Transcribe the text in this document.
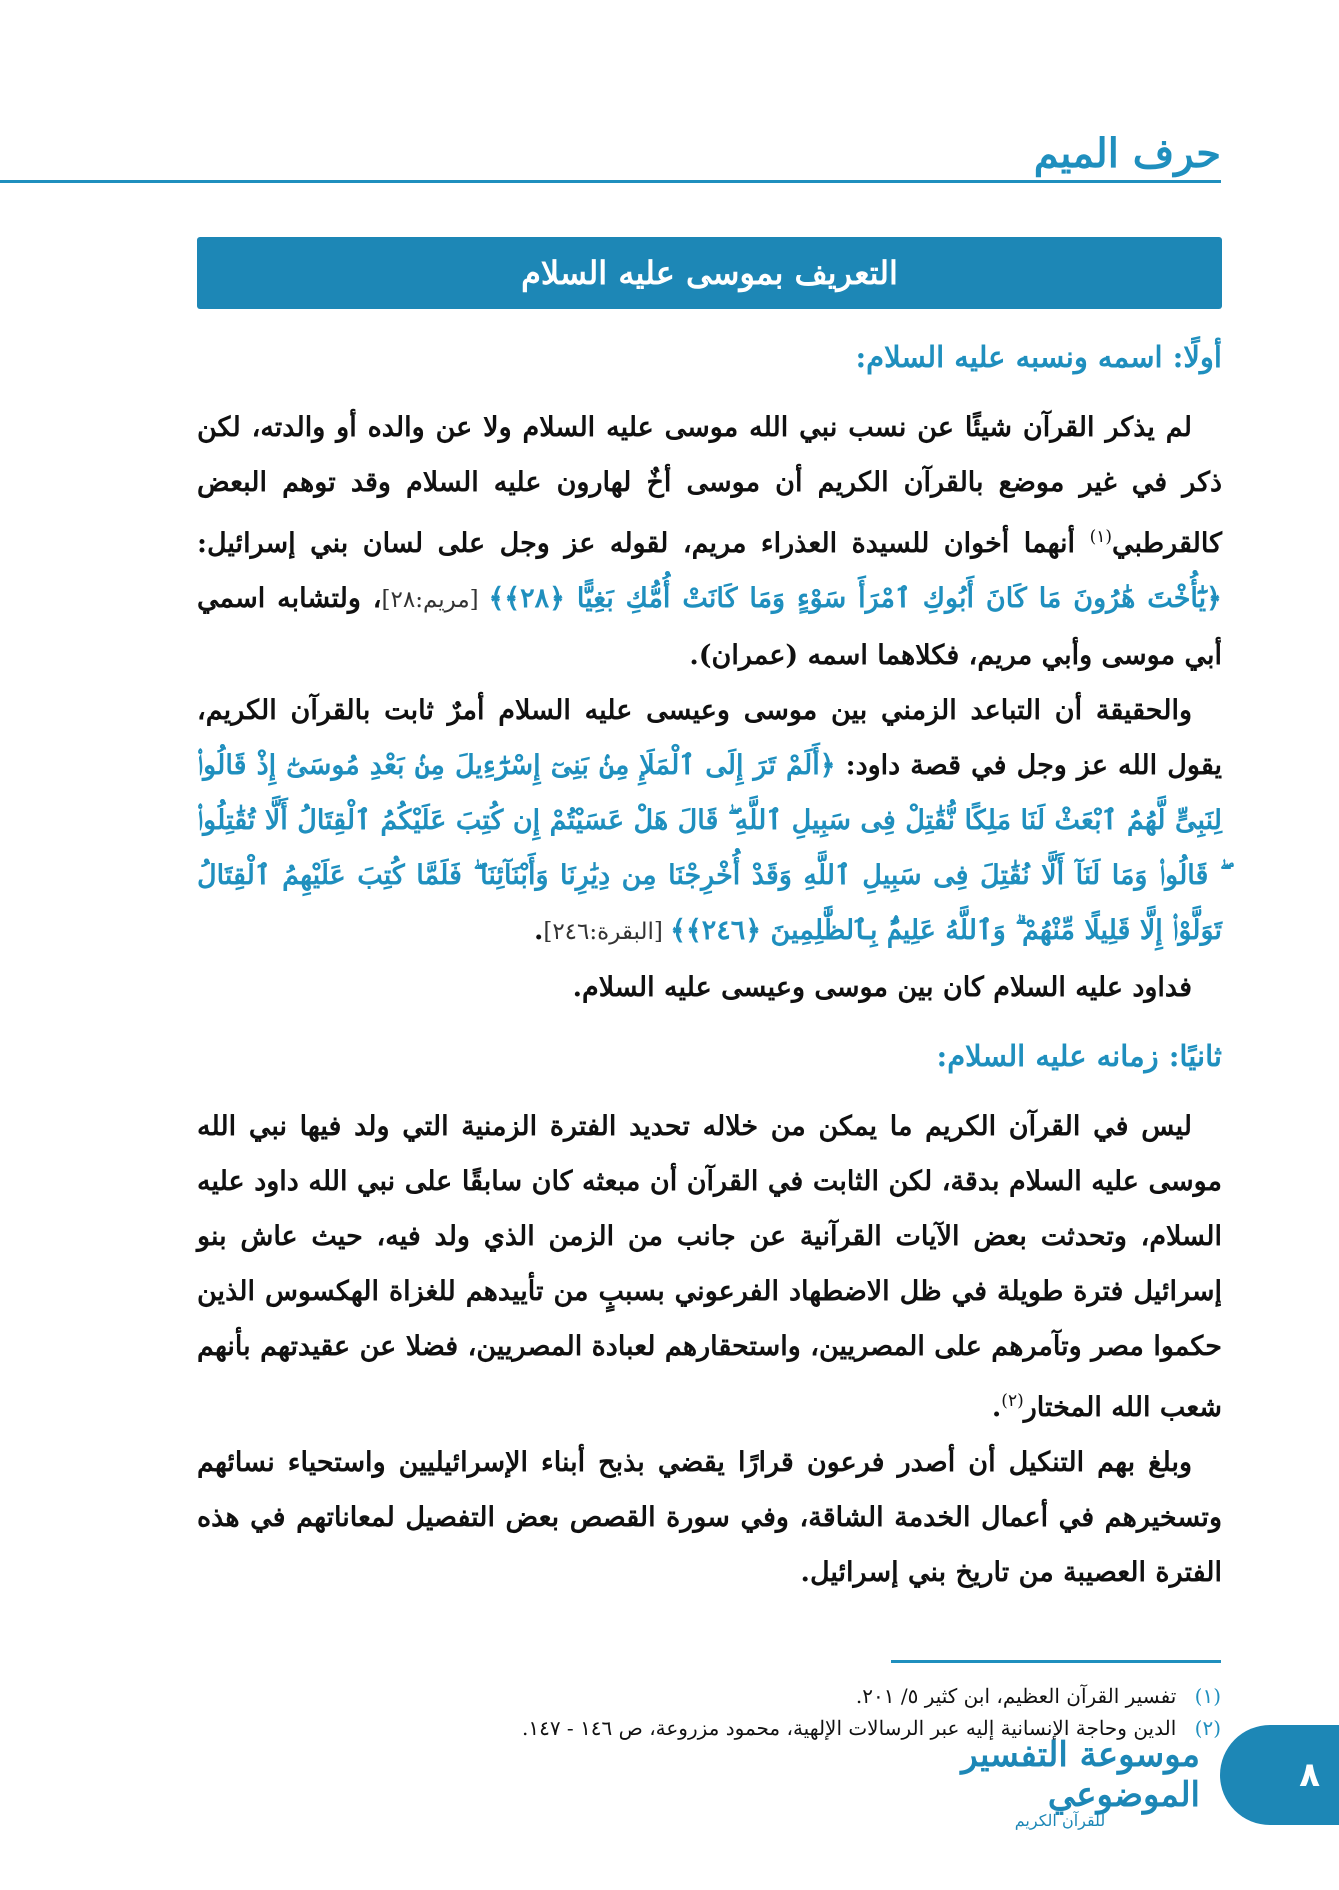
حرف الميم
التعريف بموسى عليه السلام
أولًا: اسمه ونسبه عليه السلام:

لم يذكر القرآن شيئًا عن نسب نبي الله موسى عليه السلام ولا عن والده أو والدته، لكن ذكر في غير موضع بالقرآن الكريم أن موسى أخٌ لهارون عليه السلام وقد توهم البعض كالقرطبي$^{(١)}$ أنهما أخوان للسيدة العذراء مريم، لقوله عز وجل على لسان بني إسرائيل: ﴿يَٰٓأُخْتَ هَٰرُونَ مَا كَانَ أَبُوكِ ٱمْرَأَ سَوْءٍ وَمَا كَانَتْ أُمُّكِ بَغِيًّا ﴿٢٨﴾﴾ [مريم:٢٨]، ولتشابه اسمي أبي موسى وأبي مريم، فكلاهما اسمه (عمران).

والحقيقة أن التباعد الزمني بين موسى وعيسى عليه السلام أمرٌ ثابت بالقرآن الكريم، يقول الله عز وجل في قصة داود: ﴿أَلَمْ تَرَ إِلَى ٱلْمَلَإِ مِنۢ بَنِىٓ إِسْرَٰٓءِيلَ مِنۢ بَعْدِ مُوسَىٰٓ إِذْ قَالُوا۟ لِنَبِىٍّ لَّهُمُ ٱبْعَثْ لَنَا مَلِكًا نُّقَٰتِلْ فِى سَبِيلِ ٱللَّهِ ۖ قَالَ هَلْ عَسَيْتُمْ إِن كُتِبَ عَلَيْكُمُ ٱلْقِتَالُ أَلَّا تُقَٰتِلُوا۟ ۖ قَالُوا۟ وَمَا لَنَآ أَلَّا نُقَٰتِلَ فِى سَبِيلِ ٱللَّهِ وَقَدْ أُخْرِجْنَا مِن دِيَٰرِنَا وَأَبْنَآئِنَا ۖ فَلَمَّا كُتِبَ عَلَيْهِمُ ٱلْقِتَالُ تَوَلَّوْا۟ إِلَّا قَلِيلًا مِّنْهُمْ ۗ وَٱللَّهُ عَلِيمٌۢ بِٱلظَّٰلِمِينَ ﴿٢٤٦﴾﴾ [البقرة:٢٤٦].

فداود عليه السلام كان بين موسى وعيسى عليه السلام.

ثانيًا: زمانه عليه السلام:

ليس في القرآن الكريم ما يمكن من خلاله تحديد الفترة الزمنية التي ولد فيها نبي الله موسى عليه السلام بدقة، لكن الثابت في القرآن أن مبعثه كان سابقًا على نبي الله داود عليه السلام، وتحدثت بعض الآيات القرآنية عن جانب من الزمن الذي ولد فيه، حيث عاش بنو إسرائيل فترة طويلة في ظل الاضطهاد الفرعوني بسببٍ من تأييدهم للغزاة الهكسوس الذين حكموا مصر وتآمرهم على المصريين، واستحقارهم لعبادة المصريين، فضلا عن عقيدتهم بأنهم شعب الله المختار$^{(٢)}$.

وبلغ بهم التنكيل أن أصدر فرعون قرارًا يقضي بذبح أبناء الإسرائيليين واستحياء نسائهم وتسخيرهم في أعمال الخدمة الشاقة، وفي سورة القصص بعض التفصيل لمعاناتهم في هذه الفترة العصيبة من تاريخ بني إسرائيل.

(١) تفسير القرآن العظيم، ابن كثير ٥/ ٢٠١.
(٢) الدين وحاجة الإنسانية إليه عبر الرسالات الإلهية، محمود مزروعة، ص ١٤٦ - ١٤٧.
موسوعة التفسير الموضوعي
للقرآن الكريم
٨
